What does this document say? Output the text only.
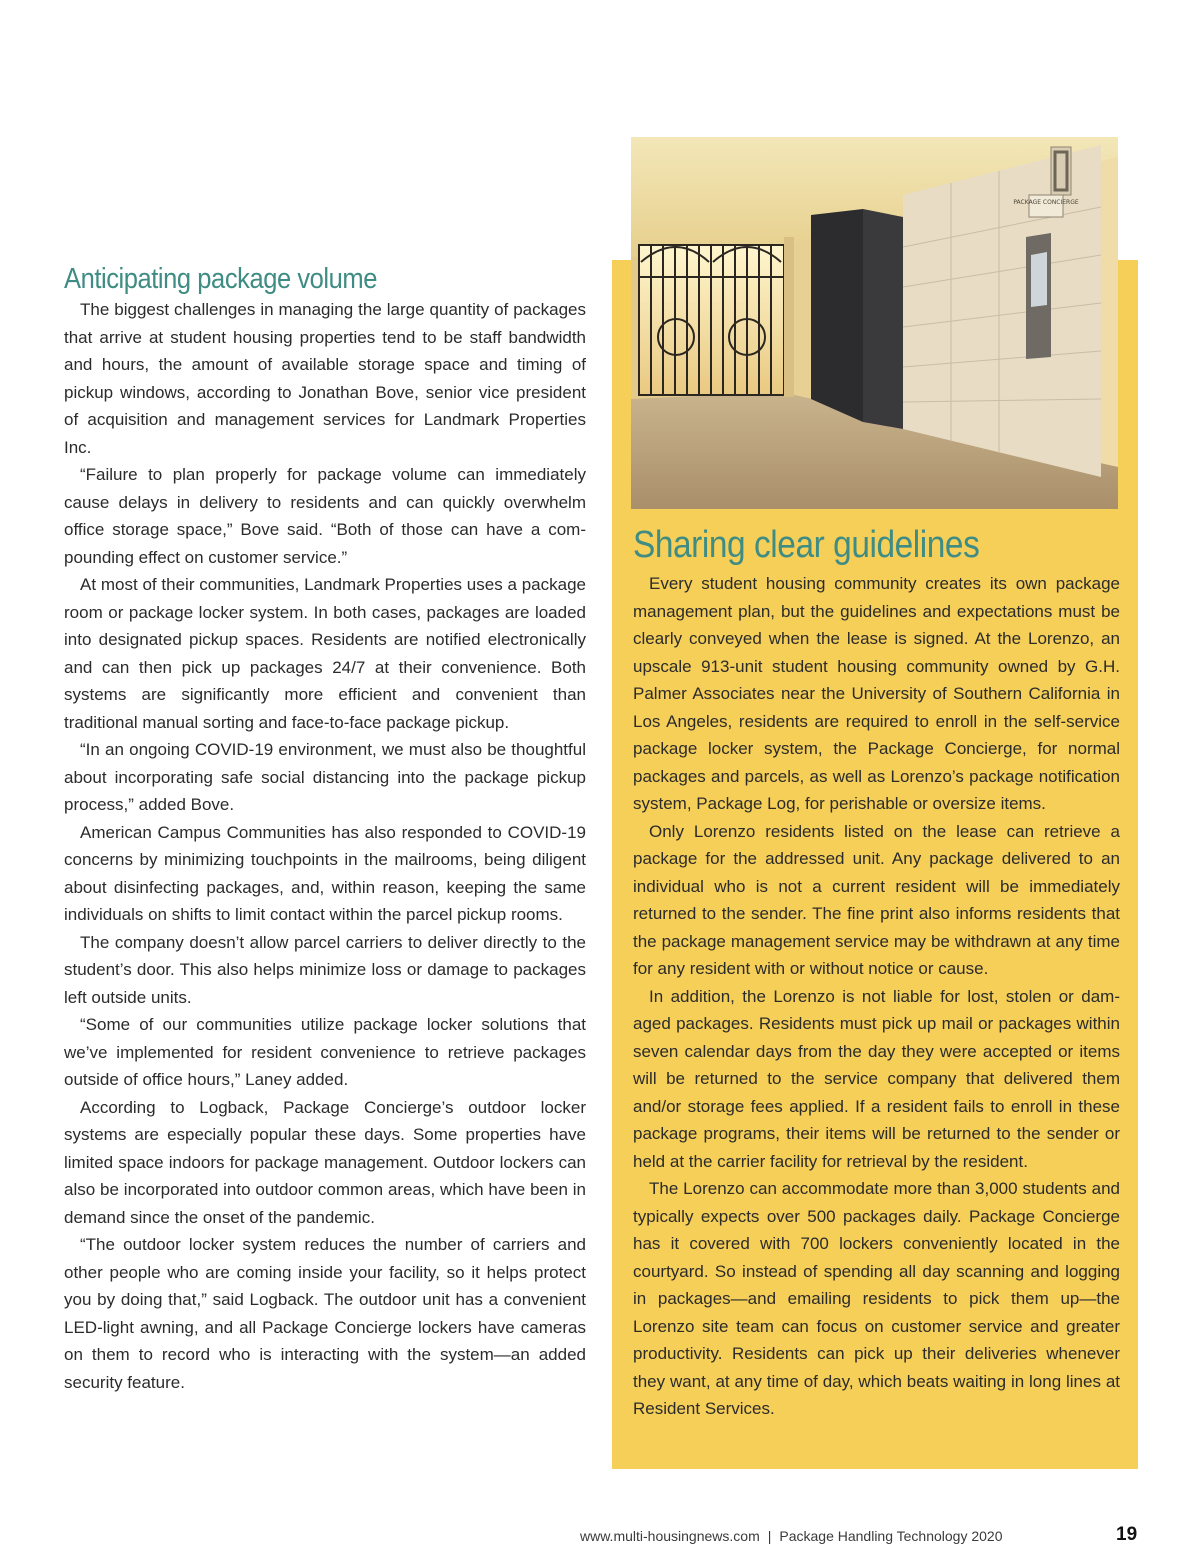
Anticipating package volume

The biggest challenges in managing the large quantity of packages that arrive at student housing properties tend to be staff bandwidth and hours, the amount of available storage space and timing of pickup windows, according to Jonathan Bove, senior vice president of acquisition and management services for Landmark Properties Inc.

“Failure to plan properly for package volume can immediately cause delays in delivery to residents and can quickly overwhelm office storage space,” Bove said. “Both of those can have a compounding effect on customer service.”

At most of their communities, Landmark Properties uses a package room or package locker system. In both cases, packages are loaded into designated pickup spaces. Residents are notified electronically and can then pick up packages 24/7 at their convenience. Both systems are significantly more efficient and convenient than traditional manual sorting and face-to-face package pickup.

“In an ongoing COVID-19 environment, we must also be thoughtful about incorporating safe social distancing into the package pickup process,” added Bove.

American Campus Communities has also responded to COVID-19 concerns by minimizing touchpoints in the mailrooms, being diligent about disinfecting packages, and, within reason, keeping the same individuals on shifts to limit contact within the parcel pickup rooms.

The company doesn’t allow parcel carriers to deliver directly to the student’s door. This also helps minimize loss or damage to packages left outside units.

“Some of our communities utilize package locker solutions that we’ve implemented for resident convenience to retrieve packages outside of office hours,” Laney added.

According to Logback, Package Concierge’s outdoor locker systems are especially popular these days. Some properties have limited space indoors for package management. Outdoor lockers can also be incorporated into outdoor common areas, which have been in demand since the onset of the pandemic.

“The outdoor locker system reduces the number of carriers and other people who are coming inside your facility, so it helps protect you by doing that,” said Logback. The outdoor unit has a convenient LED-light awning, and all Package Concierge lockers have cameras on them to record who is interacting with the system—an added security feature.

PACKAGE CONCIERGE
Sharing clear guidelines

Every student housing community creates its own package management plan, but the guidelines and expectations must be clearly conveyed when the lease is signed. At the Lorenzo, an upscale 913-unit student housing community owned by G.H. Palmer Associates near the University of Southern California in Los Angeles, residents are required to enroll in the self-service package locker system, the Package Concierge, for normal packages and parcels, as well as Lorenzo’s package notification system, Package Log, for perishable or oversize items.

Only Lorenzo residents listed on the lease can retrieve a package for the addressed unit. Any package delivered to an individual who is not a current resident will be immediately returned to the sender. The fine print also informs residents that the package management service may be withdrawn at any time for any resident with or without notice or cause.

In addition, the Lorenzo is not liable for lost, stolen or damaged packages. Residents must pick up mail or packages within seven calendar days from the day they were accepted or items will be returned to the service company that delivered them and/or storage fees applied. If a resident fails to enroll in these package programs, their items will be returned to the sender or held at the carrier facility for retrieval by the resident.

The Lorenzo can accommodate more than 3,000 students and typically expects over 500 packages daily. Package Concierge has it covered with 700 lockers conveniently located in the courtyard. So instead of spending all day scanning and logging in packages—and emailing residents to pick them up—the Lorenzo site team can focus on customer service and greater productivity. Residents can pick up their deliveries whenever they want, at any time of day, which beats waiting in long lines at Resident Services.

www.multi-housingnews.com | Package Handling Technology 2020	19
